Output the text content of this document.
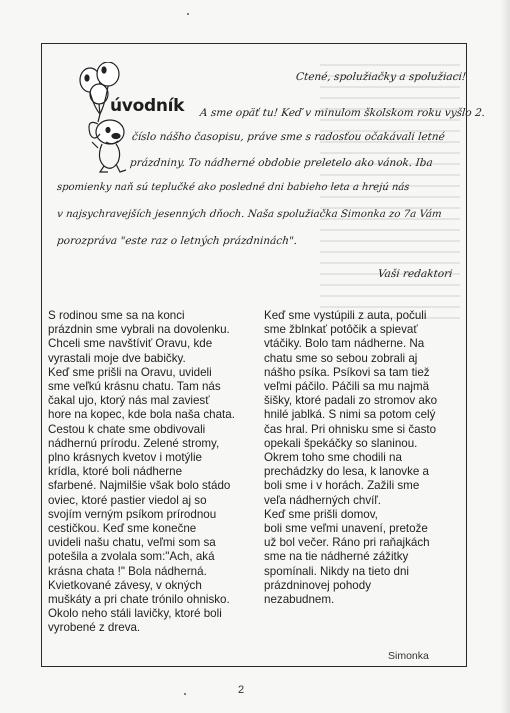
úvodník
Ctené, spolužiačky a spolužiaci!
A sme opäť tu! Keď v minulom školskom roku vyšlo 2.
číslo nášho časopisu, práve sme s radosťou očakávali letné
prázdniny. To nádherné obdobie preletelo ako vánok. Iba
spomienky naň sú teplučké ako posledné dni babieho leta a hrejú nás
v najsychravejších jesenných dňoch. Naša spolužiačka Simonka zo 7a Vám
porozpráva "este raz o letných prázdninách".
Vaši redaktori

S rodinou sme sa na konci
prázdnin sme vybrali na dovolenku.
Chceli sme navštíviť Oravu, kde
vyrastali moje dve babičky.
Keď sme prišli na Oravu, uvideli
sme veľkú krásnu chatu. Tam nás
čakal ujo, ktorý nás mal zaviesť
hore na kopec, kde bola naša chata.
Cestou k chate sme obdivovali
nádhernú prírodu. Zelené stromy,
plno krásnych kvetov i motýlie
krídla, ktoré boli nádherne
sfarbené. Najmilšie však bolo stádo
oviec, ktoré pastier viedol aj so
svojím verným psíkom prírodnou
cestičkou. Keď sme konečne
uvideli našu chatu, veľmi som sa
potešila a zvolala som:"Ach, aká
krásna chata !" Bola nádherná.
Kvietkované závesy, v okných
muškáty a pri chate trónilo ohnisko.
Okolo neho stáli lavičky, ktoré boli
vyrobené z dreva.

Keď sme vystúpili z auta, počuli
sme žblnkať potôčik a spievať
vtáčiky. Bolo tam nádherne. Na
chatu sme so sebou zobrali aj
nášho psíka. Psíkovi sa tam tiež
veľmi páčilo. Páčili sa mu najmä
šišky, ktoré padali zo stromov ako
hnilé jablká. S nimi sa potom celý
čas hral. Pri ohnisku sme si často
opekali špekáčky so slaninou.
Okrem toho sme chodili na
prechádzky do lesa, k lanovke a
boli sme i v horách. Zažili sme
veľa nádherných chvíľ.
Keď sme prišli domov,
boli sme veľmi unavení, pretože
už bol večer. Ráno pri raňajkách
sme na tie nádherné zážitky
spomínali. Nikdy na tieto dni
prázdninovej pohody
nezabudnem.

Simonka
2
